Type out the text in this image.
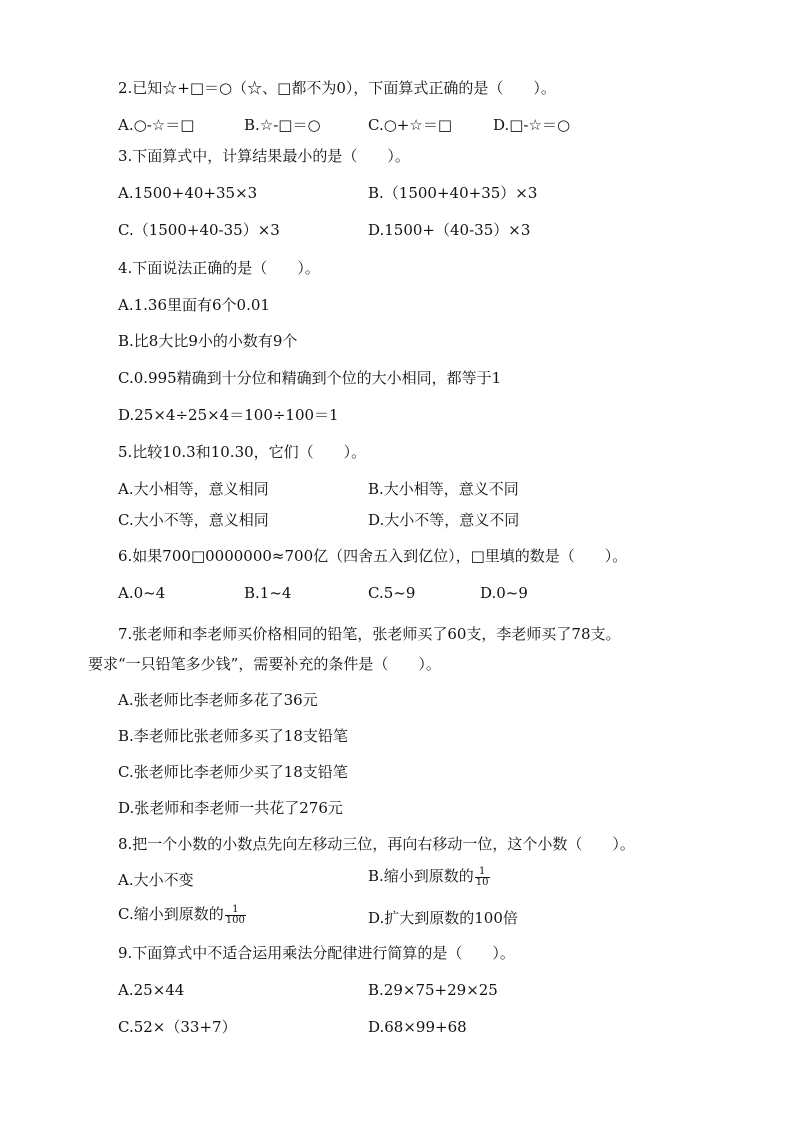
2.已知☆+□＝○（☆、□都不为0），下面算式正确的是（　　）。
A.○-☆＝□	B.☆-□＝○	C.○+☆＝□	D.□-☆＝○
3.下面算式中，计算结果最小的是（　　）。
A.1500+40+35×3	B.（1500+40+35）×3
C.（1500+40-35）×3	D.1500+（40-35）×3
4.下面说法正确的是（　　）。
A.1.36里面有6个0.01
B.比8大比9小的小数有9个
C.0.995精确到十分位和精确到个位的大小相同，都等于1
D.25×4÷25×4＝100÷100＝1
5.比较10.3和10.30，它们（　　）。
A.大小相等，意义相同	B.大小相等，意义不同
C.大小不等，意义相同	D.大小不等，意义不同
6.如果700□0000000≈700亿（四舍五入到亿位），□里填的数是（　　）。
A.0~4	B.1~4	C.5~9	D.0~9
7.张老师和李老师买价格相同的铅笔，张老师买了60支，李老师买了78支。
要求“一只铅笔多少钱”，需要补充的条件是（　　）。
A.张老师比李老师多花了36元
B.李老师比张老师多买了18支铅笔
C.张老师比李老师少买了18支铅笔
D.张老师和李老师一共花了276元
8.把一个小数的小数点先向左移动三位，再向右移动一位，这个小数（　　）。
A.大小不变	B.缩小到原数的 $\frac{1}{10}$
C.缩小到原数的 $\frac{1}{100}$	D.扩大到原数的100倍
9.下面算式中不适合运用乘法分配律进行简算的是（　　）。
A.25×44	B.29×75+29×25
C.52×（33+7）	D.68×99+68
